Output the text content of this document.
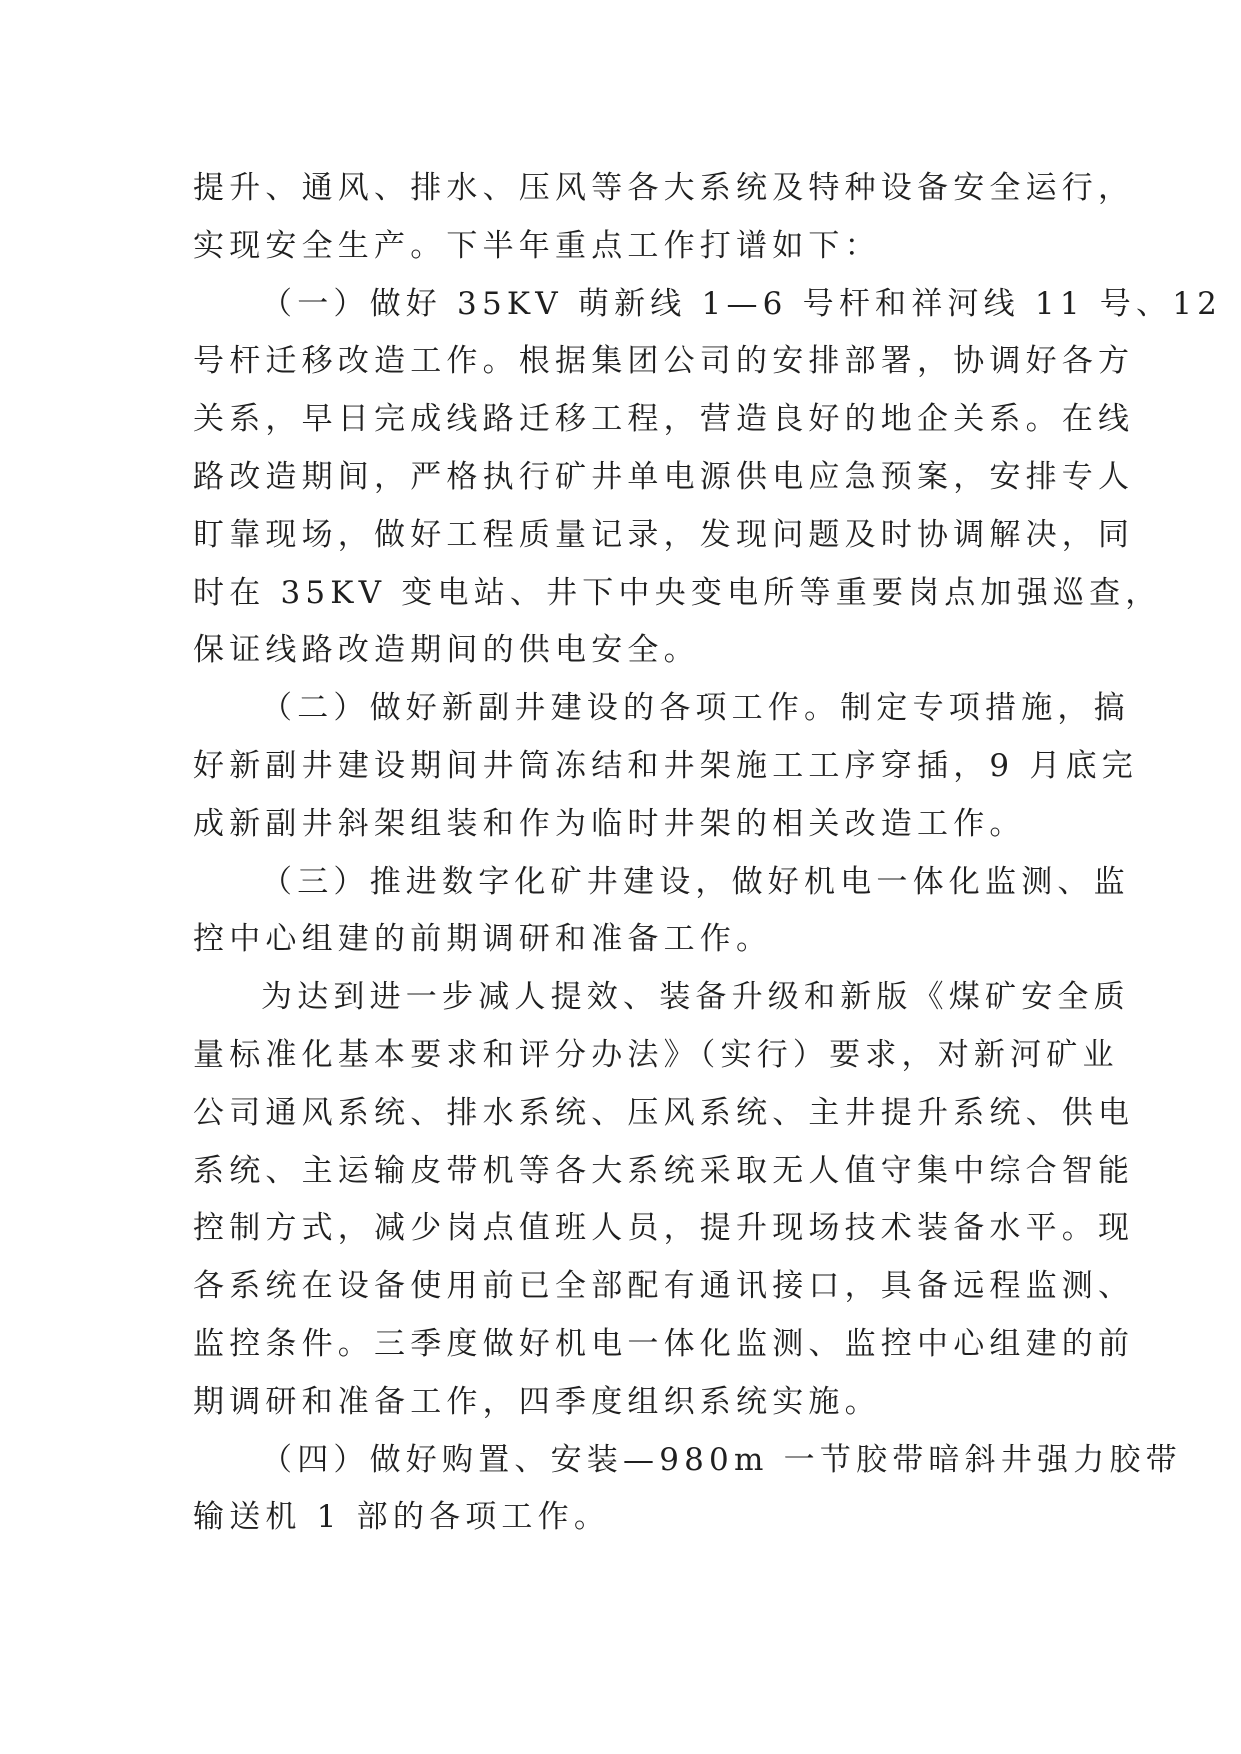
提升、通风、排水、压风等各大系统及特种设备安全运行，
实现安全生产。下半年重点工作打谱如下：
（一）做好 35KV 萌新线 1—6 号杆和祥河线 11 号、12
号杆迁移改造工作。根据集团公司的安排部署，协调好各方
关系，早日完成线路迁移工程，营造良好的地企关系。在线
路改造期间，严格执行矿井单电源供电应急预案，安排专人
盯靠现场，做好工程质量记录，发现问题及时协调解决，同
时在 35KV 变电站、井下中央变电所等重要岗点加强巡查，
保证线路改造期间的供电安全。
（二）做好新副井建设的各项工作。制定专项措施，搞
好新副井建设期间井筒冻结和井架施工工序穿插，9 月底完
成新副井斜架组装和作为临时井架的相关改造工作。
（三）推进数字化矿井建设，做好机电一体化监测、监
控中心组建的前期调研和准备工作。
为达到进一步减人提效、装备升级和新版《煤矿安全质
量标准化基本要求和评分办法》（实行）要求，对新河矿业
公司通风系统、排水系统、压风系统、主井提升系统、供电
系统、主运输皮带机等各大系统采取无人值守集中综合智能
控制方式，减少岗点值班人员，提升现场技术装备水平。现
各系统在设备使用前已全部配有通讯接口，具备远程监测、
监控条件。三季度做好机电一体化监测、监控中心组建的前
期调研和准备工作，四季度组织系统实施。
（四）做好购置、安装—980m 一节胶带暗斜井强力胶带
输送机 1 部的各项工作。
